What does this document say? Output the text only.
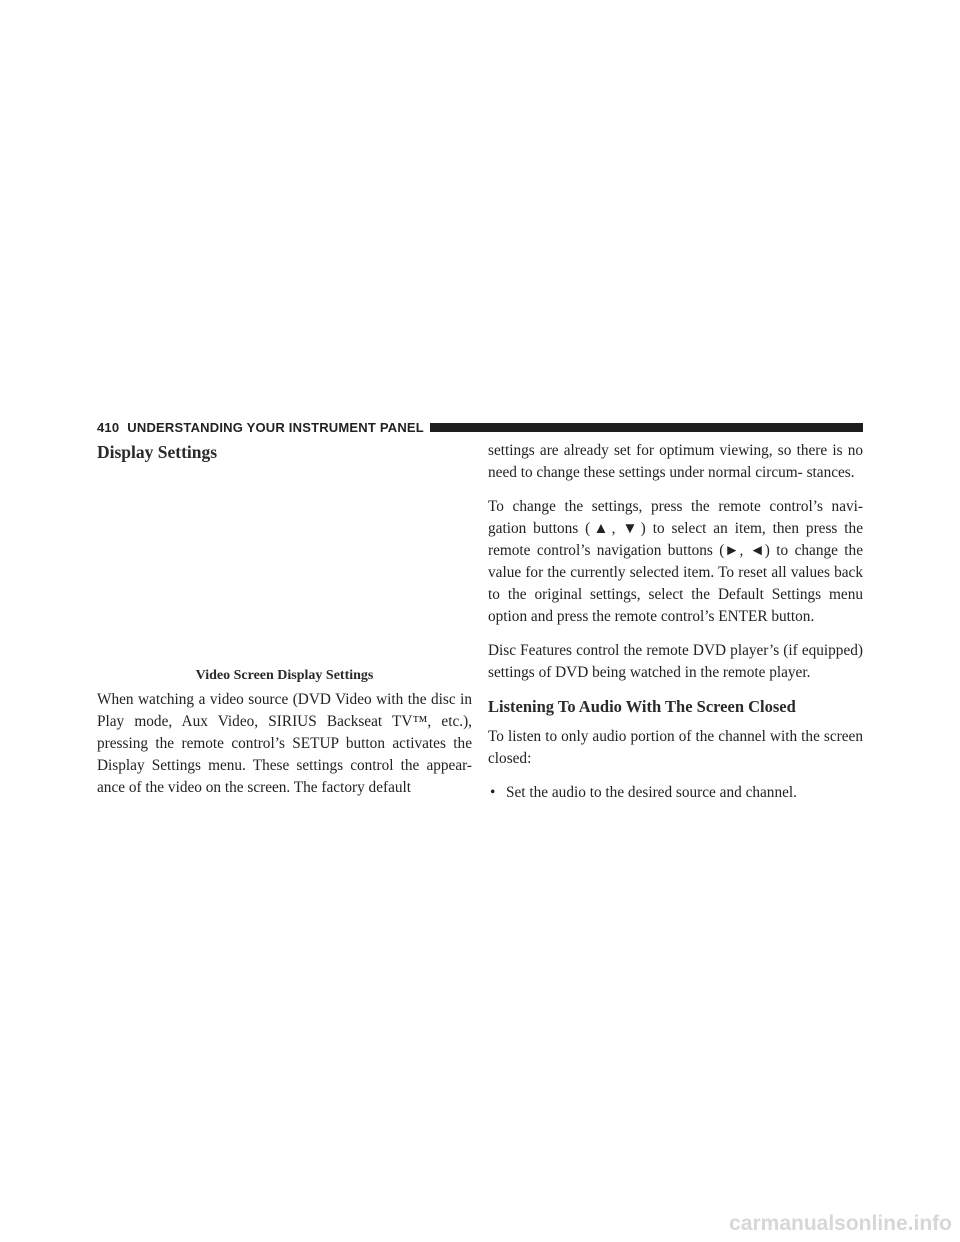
410 UNDERSTANDING YOUR INSTRUMENT PANEL
Display Settings
Video Screen Display Settings

When watching a video source (DVD Video with the disc in Play mode, Aux Video, SIRIUS Backseat TV™, etc.), pressing the remote control’s SETUP button activates the Display Settings menu. These settings control the appear- ance of the video on the screen. The factory default

settings are already set for optimum viewing, so there is no need to change these settings under normal circum- stances.

To change the settings, press the remote control’s navi- gation buttons (▲, ▼) to select an item, then press the remote control’s navigation buttons (►, ◄) to change the value for the currently selected item. To reset all values back to the original settings, select the Default Settings menu option and press the remote control’s ENTER button.

Disc Features control the remote DVD player’s (if equipped) settings of DVD being watched in the remote player.

Listening To Audio With The Screen Closed

To listen to only audio portion of the channel with the screen closed:

• Set the audio to the desired source and channel.
carmanualsonline.info
